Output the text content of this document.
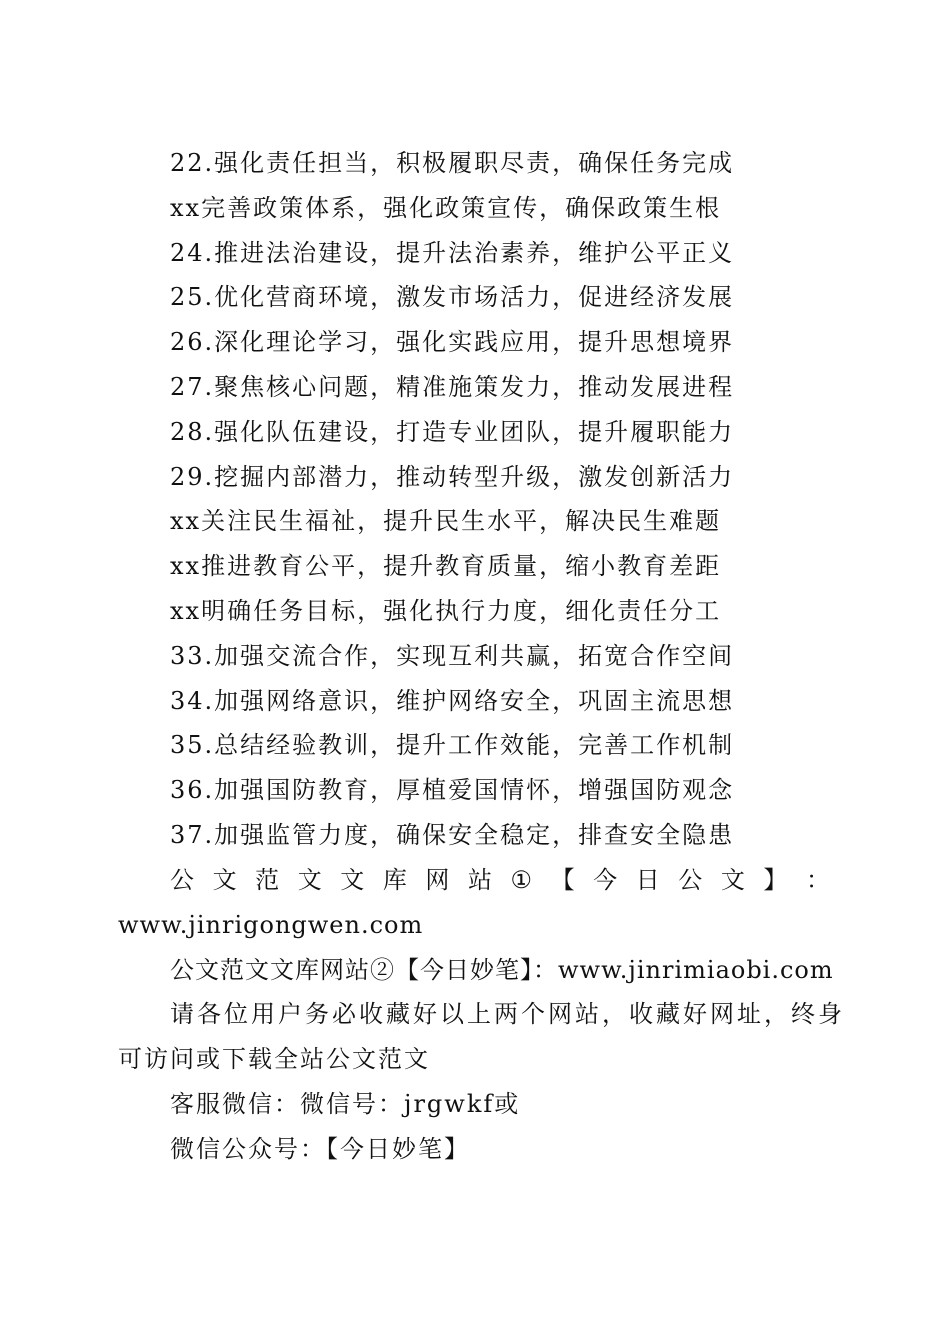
22.强化责任担当，积极履职尽责，确保任务完成
xx完善政策体系，强化政策宣传，确保政策生根
24.推进法治建设，提升法治素养，维护公平正义
25.优化营商环境，激发市场活力，促进经济发展
26.深化理论学习，强化实践应用，提升思想境界
27.聚焦核心问题，精准施策发力，推动发展进程
28.强化队伍建设，打造专业团队，提升履职能力
29.挖掘内部潜力，推动转型升级，激发创新活力
xx关注民生福祉，提升民生水平，解决民生难题
xx推进教育公平，提升教育质量，缩小教育差距
xx明确任务目标，强化执行力度，细化责任分工
33.加强交流合作，实现互利共赢，拓宽合作空间
34.加强网络意识，维护网络安全，巩固主流思想
35.总结经验教训，提升工作效能，完善工作机制
36.加强国防教育，厚植爱国情怀，增强国防观念
37.加强监管力度，确保安全稳定，排查安全隐患
公 文 范 文 文 库 网 站 ① 【 今 日 公 文 】 ：
www.jinrigongwen.com
公文范文文库网站②【今日妙笔】：www.jinrimiaobi.com
请各位用户务必收藏好以上两个网站，收藏好网址，终身
可访问或下载全站公文范文
客服微信：微信号：jrgwkf或
微信公众号：【今日妙笔】
